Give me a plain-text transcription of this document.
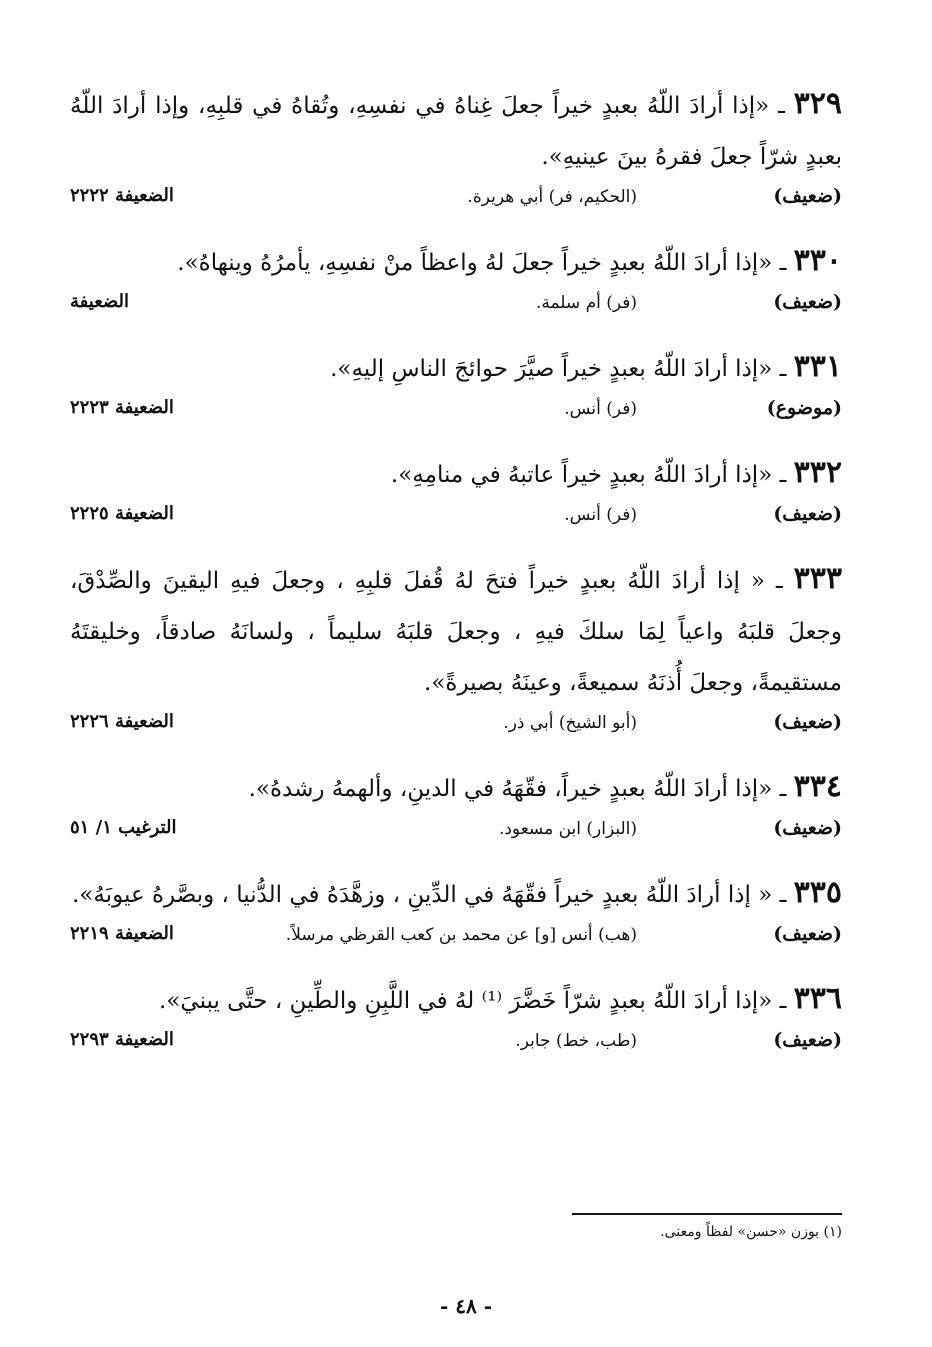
٣٢٩ ـ «إذا أرادَ اللّهُ بعبدٍ خيراً جعلَ غِناهُ في نفسِهِ، وتُقاهُ في قلبِهِ، وإذا أرادَ اللّهُ بعبدٍ شرّاً جعلَ فقرهُ بينَ عينيهِ».

(ضعيف)
(الحكيم، فر) أبي هريرة.
الضعيفة ٢٢٢٢

٣٣٠ ـ «إذا أرادَ اللّهُ بعبدٍ خيراً جعلَ لهُ واعظاً منْ نفسِهِ، يأمرُهُ وينهاهُ».

(ضعيف)
(فر) أم سلمة.
الضعيفة

٣٣١ ـ «إذا أرادَ اللّهُ بعبدٍ خيراً صيَّرَ حوائجَ الناسِ إليهِ».

(موضوع)
(فر) أنس.
الضعيفة ٢٢٢٣

٣٣٢ ـ «إذا أرادَ اللّهُ بعبدٍ خيراً عاتبهُ في منامِهِ».

(ضعيف)
(فر) أنس.
الضعيفة ٢٢٢٥

٣٣٣ ـ « إذا أرادَ اللّهُ بعبدٍ خيراً فتحَ لهُ قُفلَ قلبِهِ ، وجعلَ فيهِ اليقينَ والصِّدْقَ، وجعلَ قلبَهُ واعياً لِمَا سلكَ فيهِ ، وجعلَ قلبَهُ سليماً ، ولسانَهُ صادقاً، وخليقتَهُ مستقيمةً، وجعلَ أُذنَهُ سميعةً، وعينَهُ بصيرةً».

(ضعيف)
(أبو الشيخ) أبي ذر.
الضعيفة ٢٢٢٦

٣٣٤ ـ «إذا أرادَ اللّهُ بعبدٍ خيراً، فقّهَهُ في الدينِ، وألهمهُ رشدهُ».

(ضعيف)
(البزار) ابن مسعود.
الترغيب ١/ ٥١

٣٣٥ ـ « إذا أرادَ اللّهُ بعبدٍ خيراً فقّهَهُ في الدِّينِ ، وزهَّدَهُ في الدُّنيا ، وبصَّرهُ عيوبَهُ».

(ضعيف)
(هب) أنس [و] عن محمد بن كعب القرظي مرسلاً.
الضعيفة ٢٢١٩

٣٣٦ ـ «إذا أرادَ اللّهُ بعبدٍ شرّاً خَضَّرَ ⁽¹⁾ لهُ في اللَّبِنِ والطِّينِ ، حتَّى يبنيَ».

(ضعيف)
(طب، خط) جابر.
الضعيفة ٢٢٩٣
(١) بوزن «حسن» لفظاً ومعنى.
- ٤٨ -
